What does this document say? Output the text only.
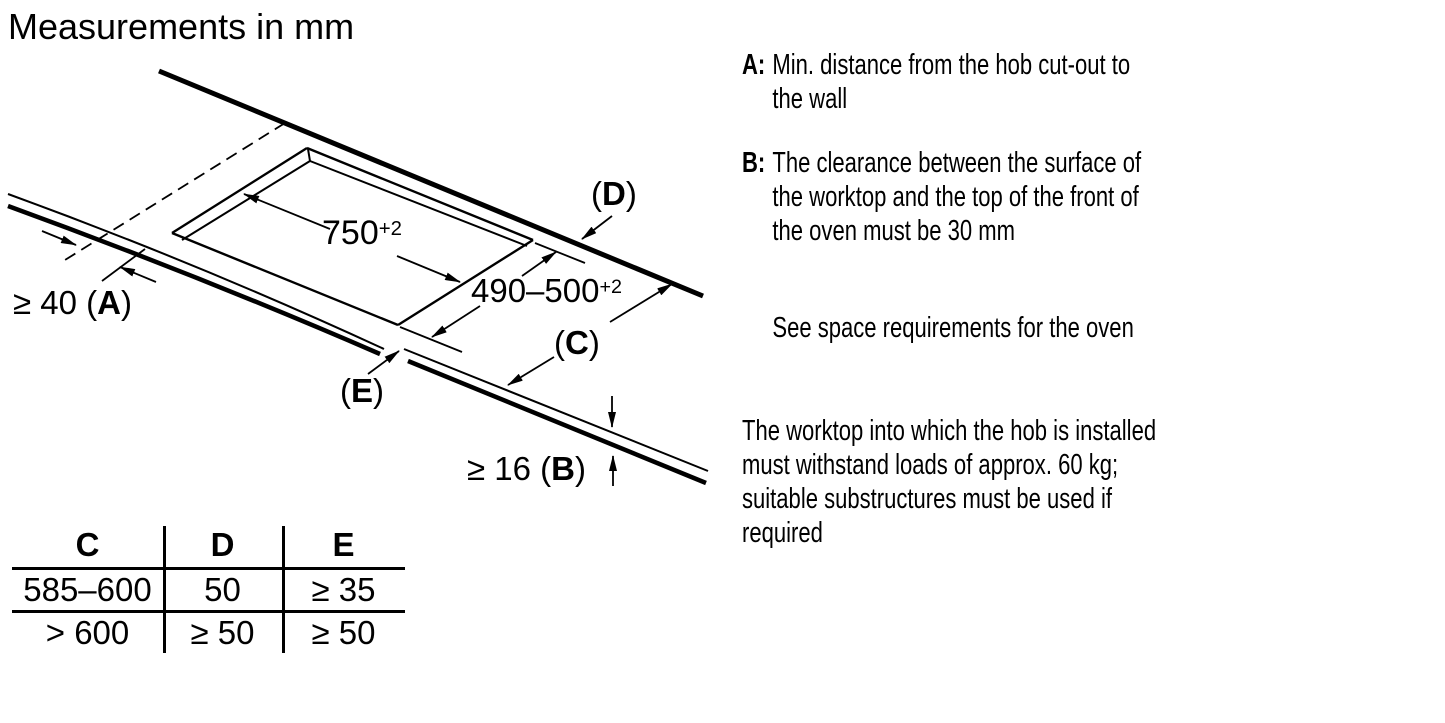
Measurements in mm
$750^{+2}$
$490-500^{+2}$
≥ 40 (A)
≥ 16 (B)
(C)
(D)
(E)
C	D	E
585–600	50	≥ 35
> 600	≥ 50	≥ 50
A: Min. distance from the hob cut-out to
the wall
B: The clearance between the surface of
the worktop and the top of the front of
the oven must be 30 mm
See space requirements for the oven
The worktop into which the hob is installed
must withstand loads of approx. 60 kg;
suitable substructures must be used if
required
